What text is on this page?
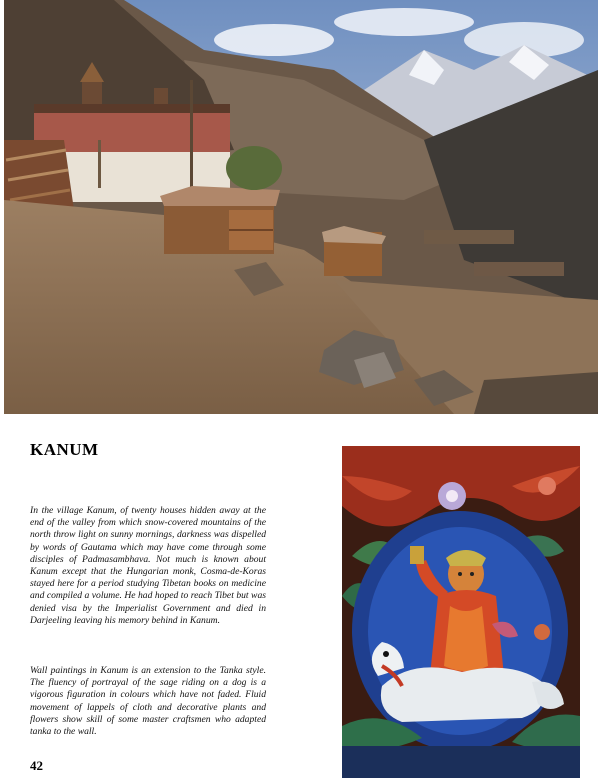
KANUM

In the village Kanum, of twenty houses hidden away at the end of the valley from which snow-covered mountains of the north throw light on sunny mornings, darkness was dispelled by words of Gautama which may have come through some disciples of Padmasambhava. Not much is known about Kanum except that the Hungarian monk, Cosma-de-Koras stayed here for a period studying Tibetan books on medicine and compiled a volume. He had hoped to reach Tibet but was denied visa by the Imperialist Government and died in Darjeeling leaving his memory behind in Kanum.

Wall paintings in Kanum is an extension to the Tanka style. The fluency of portrayal of the sage riding on a dog is a vigorous figuration in colours which have not faded. Fluid movement of lappels of cloth and decorative plants and flowers show skill of some master craftsmen who adapted tanka to the wall.

42
